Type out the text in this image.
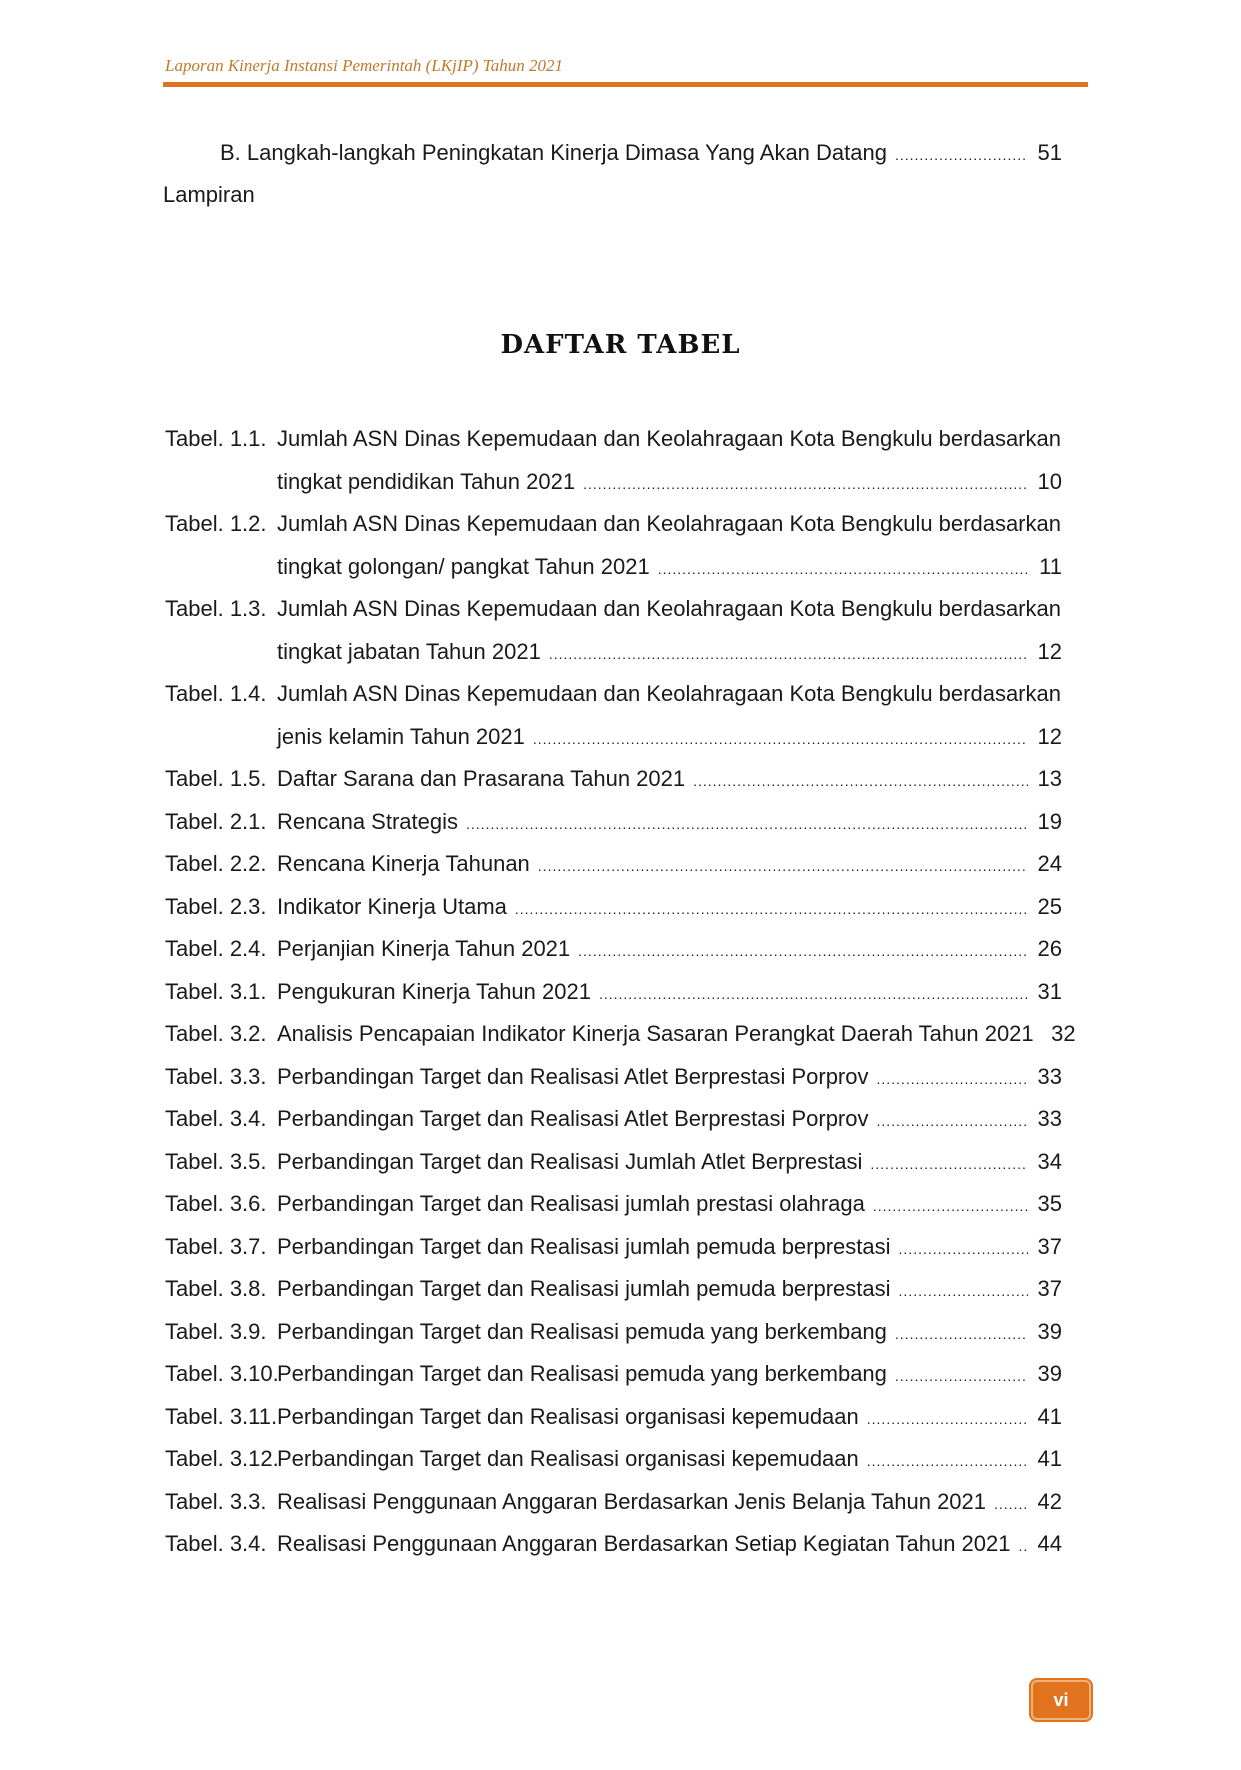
Laporan Kinerja Instansi Pemerintah (LKjIP) Tahun 2021
B. Langkah-langkah Peningkatan Kinerja Dimasa Yang Akan Datang .....	51
Lampiran
DAFTAR TABEL
Tabel. 1.1. Jumlah ASN Dinas Kepemudaan dan Keolahragaan Kota Bengkulu berdasarkan
tingkat pendidikan Tahun 2021 .....	10
Tabel. 1.2. Jumlah ASN Dinas Kepemudaan dan Keolahragaan Kota Bengkulu berdasarkan
tingkat golongan/ pangkat Tahun 2021 .....	11
Tabel. 1.3. Jumlah ASN Dinas Kepemudaan dan Keolahragaan Kota Bengkulu berdasarkan
tingkat jabatan Tahun 2021 .....	12
Tabel. 1.4. Jumlah ASN Dinas Kepemudaan dan Keolahragaan Kota Bengkulu berdasarkan
jenis kelamin Tahun 2021 .....	12
Tabel. 1.5. Daftar Sarana dan Prasarana Tahun 2021 .....	13
Tabel. 2.1. Rencana Strategis .....	19
Tabel. 2.2. Rencana Kinerja Tahunan .....	24
Tabel. 2.3. Indikator Kinerja Utama .....	25
Tabel. 2.4. Perjanjian Kinerja Tahun 2021 .....	26
Tabel. 3.1. Pengukuran Kinerja Tahun 2021 .....	31
Tabel. 3.2. Analisis Pencapaian Indikator Kinerja Sasaran Perangkat Daerah Tahun 2021 32
Tabel. 3.3. Perbandingan Target dan Realisasi Atlet Berprestasi Porprov .....	33
Tabel. 3.4. Perbandingan Target dan Realisasi Atlet Berprestasi Porprov .....	33
Tabel. 3.5. Perbandingan Target dan Realisasi Jumlah Atlet Berprestasi .....	34
Tabel. 3.6. Perbandingan Target dan Realisasi jumlah prestasi olahraga .....	35
Tabel. 3.7. Perbandingan Target dan Realisasi jumlah pemuda berprestasi .....	37
Tabel. 3.8. Perbandingan Target dan Realisasi jumlah pemuda berprestasi .....	37
Tabel. 3.9. Perbandingan Target dan Realisasi pemuda yang berkembang .....	39
Tabel. 3.10.
Perbandingan Target dan Realisasi pemuda yang berkembang .....	39
Tabel. 3.11. Perbandingan Target dan Realisasi organisasi kepemudaan .....	41
Tabel. 3.12.
Perbandingan Target dan Realisasi organisasi kepemudaan .....	41
Tabel. 3.3. Realisasi Penggunaan Anggaran Berdasarkan Jenis Belanja Tahun 2021 ..... 42
Tabel. 3.4. Realisasi Penggunaan Anggaran Berdasarkan Setiap Kegiatan Tahun 2021 ..... 44
vi
